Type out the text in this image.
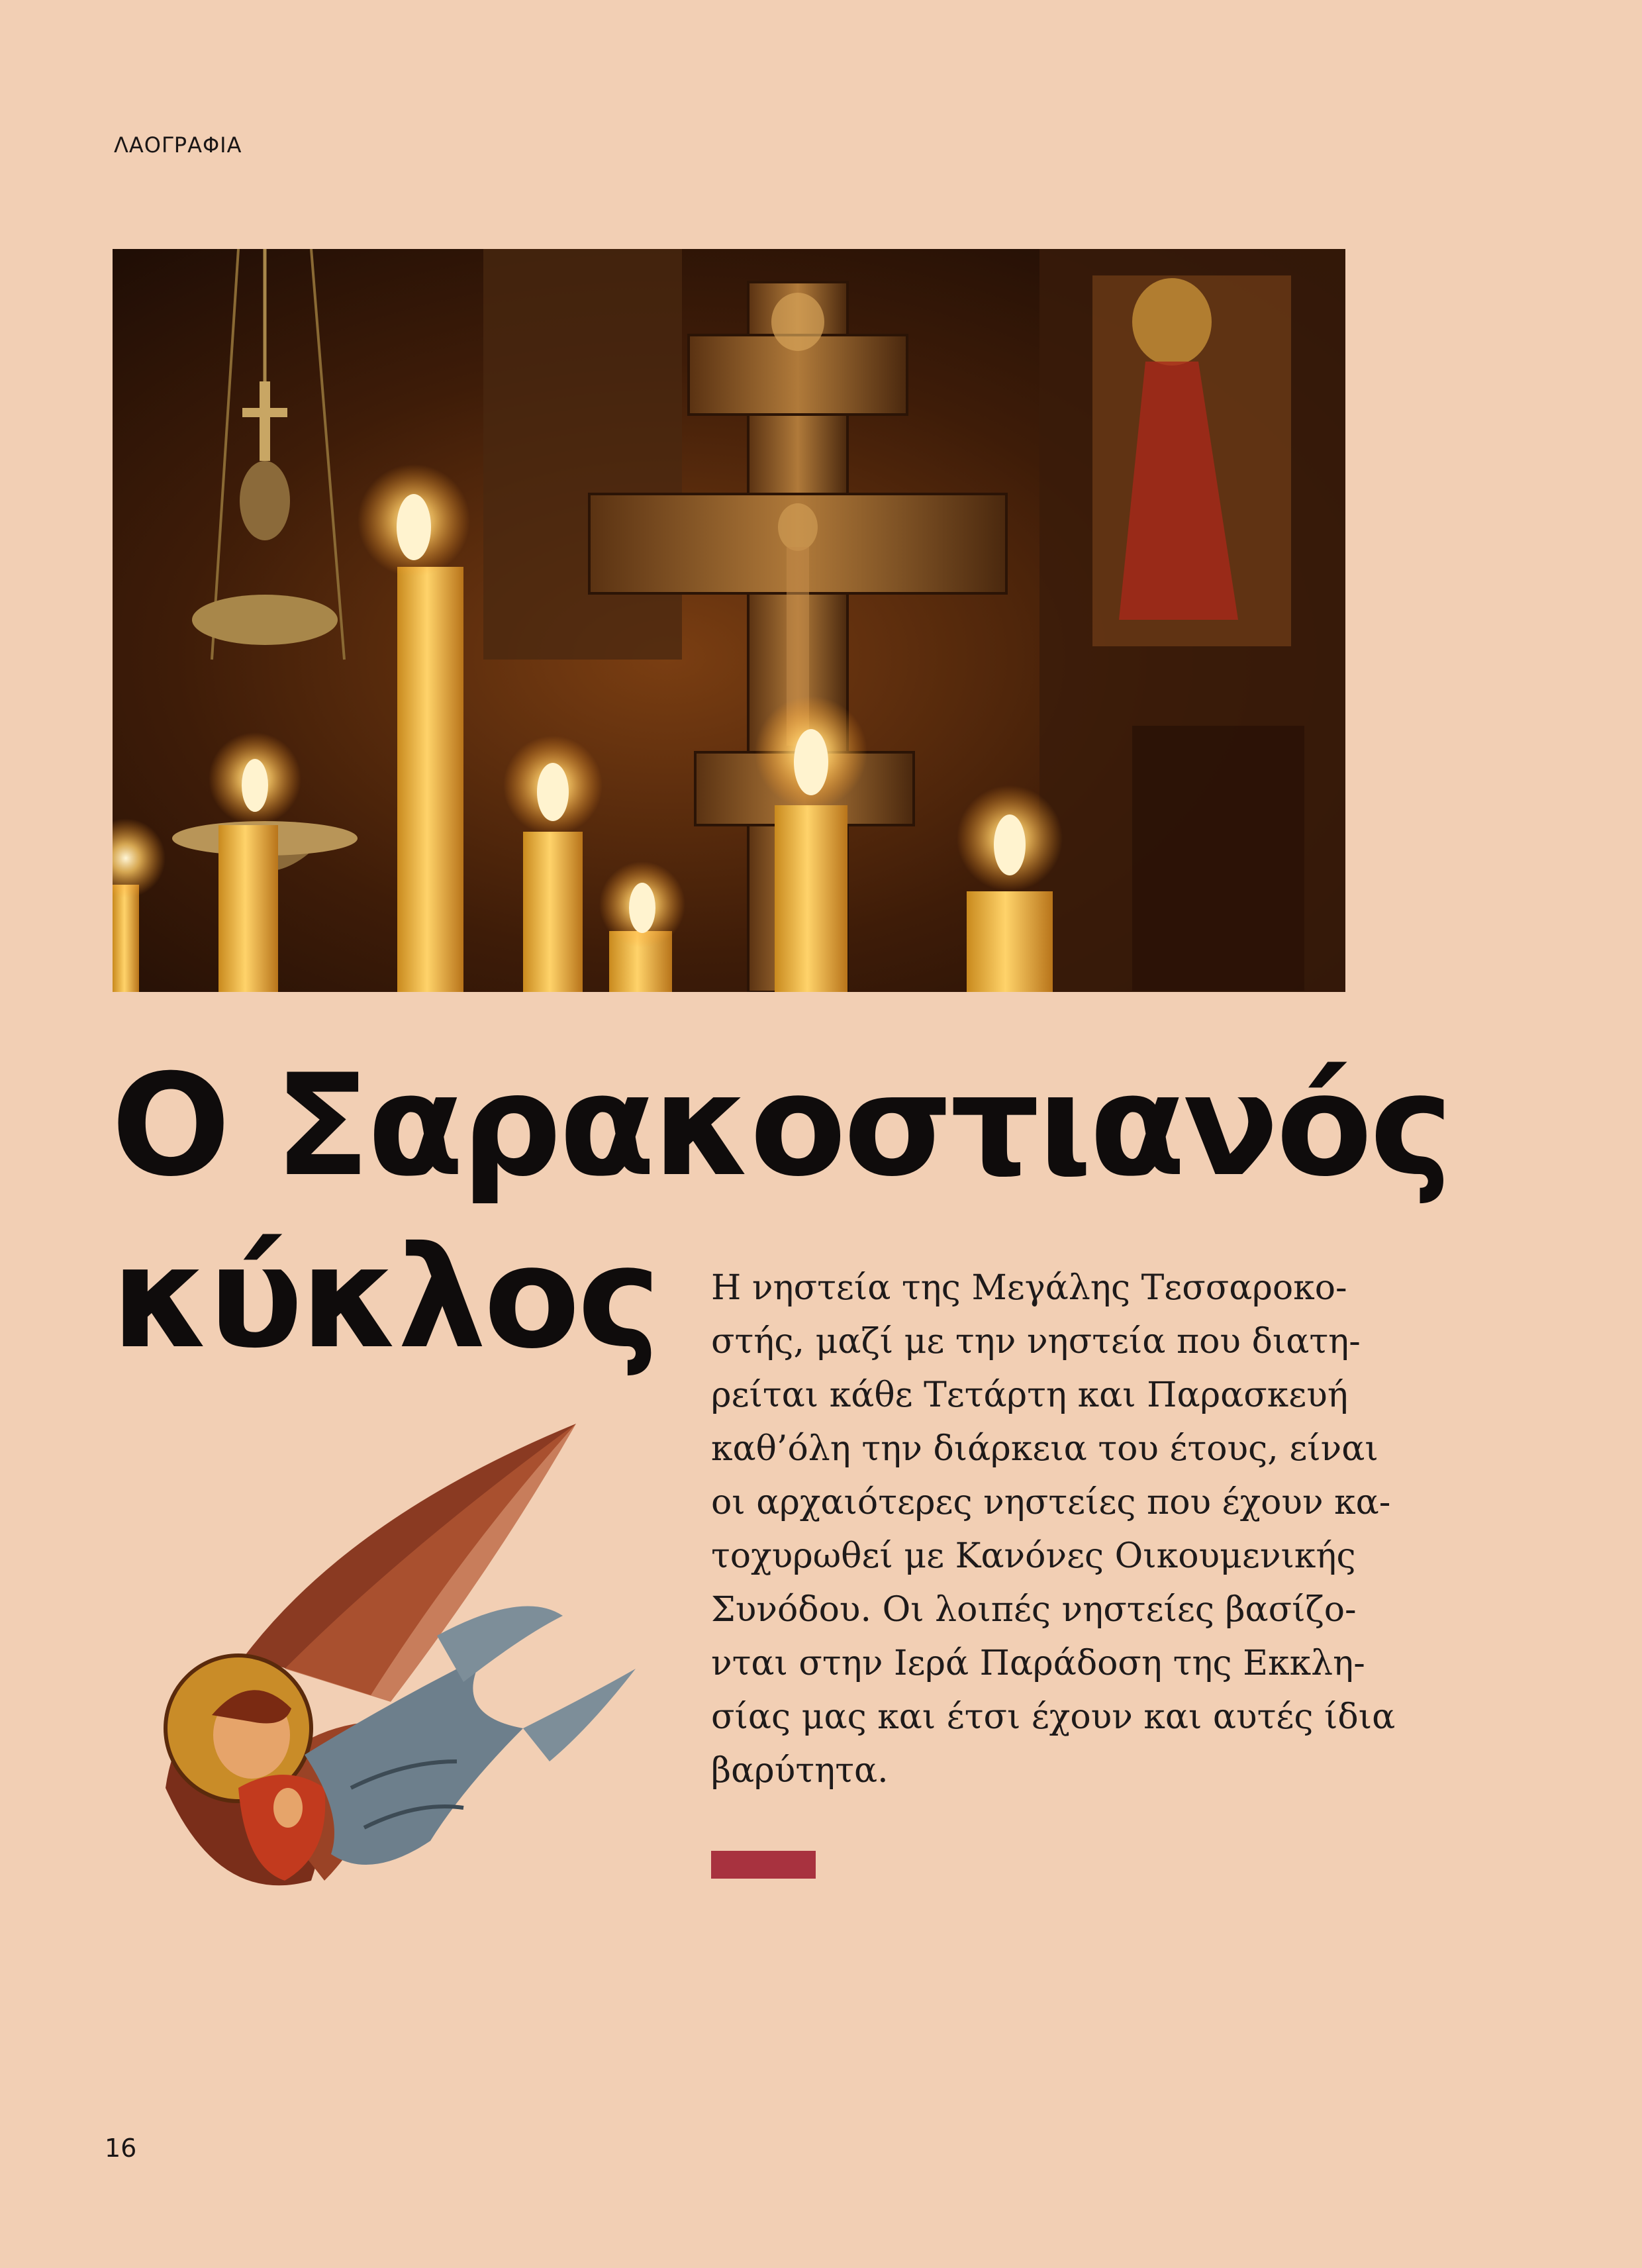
ΛΑΟΓΡΑΦΙΑ
Ο Σαρακοστιανός
κύκλος	Η νηστεία της Μεγάλης Τεσσαροκο-
στής, μαζί με την νηστεία που διατη-
ρείται κάθε Τετάρτη και Παρασκευή
καθ’όλη την διάρκεια του έτους, είναι
οι αρχαιότερες νηστείες που έχουν κα-
τοχυρωθεί με Κανόνες Οικουμενικής
Συνόδου. Οι λοιπές νηστείες βασίζο-
νται στην Ιερά Παράδοση της Εκκλη-
σίας μας και έτσι έχουν και αυτές ίδια
βαρύτητα.

16
